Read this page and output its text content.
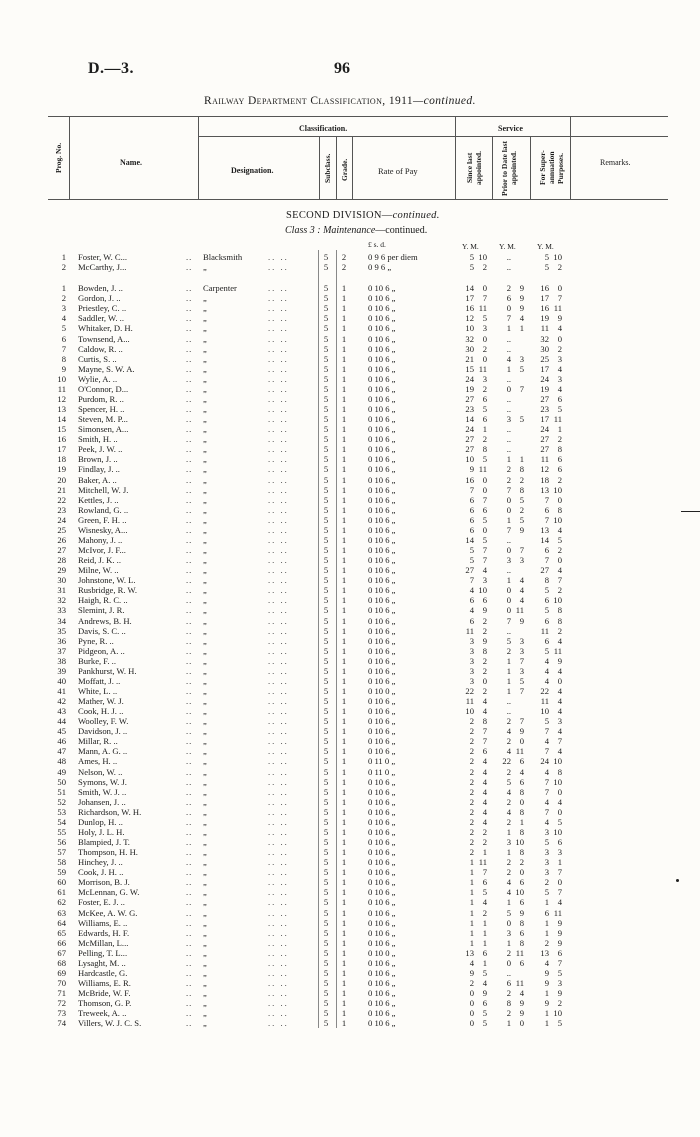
D.—3.	96
Railway Department Classification, 1911—continued.
Prog. No.	Name.
Classification.
Designation.	Subclass. Grade.	Rate of Pay
Service
Since last appointed. Prior to Date last appointed.	For Super-annuation Purposes.	Remarks.
SECOND DIVISION—continued.
Class 3 : Maintenance—continued.
£ s. d.	Y. M.	Y. M.	Y. M.
1 Foster, W. C...	.. Blacksmith	.. ..	5	2	0 9 6 per diem	5 10	..	5 10
2 McCarthy, J...	.. „	.. ..	5	2	0 9 6 „	5	2	..	5	2
1 Bowden, J. ..	.. Carpenter	.. ..	5	1	0 10 6 „	14	0	2	9	16	0
2 Gordon, J. ..	.. „	.. ..	5	1	0 10 6 „	17	7	6	9	17	7
3 Priestley, C. ..	.. „	.. ..	5	1	0 10 6 „	16 11	0	9	16 11
4 Saddler, W. ..	.. „	.. ..	5	1	0 10 6 „	12	5	7	4	19	9
5 Whitaker, D. H.	.. „	.. ..	5	1	0 10 6 „	10	3	1	1	11	4
6 Townsend, A...	.. „	.. ..	5	1	0 10 6 „	32	0	..	32	0
7 Caldow, R. ..	.. „	.. ..	5	1	0 10 6 „	30	2	..	30	2
8 Curtis, S. ..	.. „	.. ..	5	1	0 10 6 „	21	0	4	3	25	3
9 Mayne, S. W. A.	.. „	.. ..	5	1	0 10 6 „	15 11	1	5	17	4
10 Wylie, A. ..	.. „	.. ..	5	1	0 10 6 „	24	3	..	24	3
11 O'Connor, D...	.. „	.. ..	5	1	0 10 6 „	19	2	0	7	19	4
12 Purdom, R. ..	.. „	.. ..	5	1	0 10 6 „	27	6	..	27	6
13 Spencer, H. ..	.. „	.. ..	5	1	0 10 6 „	23	5	..	23	5
14 Steven, M. P...	.. „	.. ..	5	1	0 10 6 „	14	6	3	5	17 11
15 Simonsen, A...	.. „	.. ..	5	1	0 10 6 „	24	1	..	24	1
16 Smith, H. ..	.. „	.. ..	5	1	0 10 6 „	27	2	..	27	2
17 Peek, J. W. ..	.. „	.. ..	5	1	0 10 6 „	27	8	..	27	8
18 Brown, J. ..	.. „	.. ..	5	1	0 10 6 „	10	5	1	1	11	6
19 Findlay, J. ..	.. „	.. ..	5	1	0 10 6 „	9 11	2	8	12	6
20 Baker, A. ..	.. „	.. ..	5	1	0 10 6 „	16	0	2	2	18	2
21 Mitchell, W. J.	.. „	.. ..	5	1	0 10 6 „	7	0	7	8	13 10
22 Kettles, J. ..	.. „	.. ..	5	1	0 10 6 „	6	7	0	5	7	0
23 Rowland, G. ..	.. „	.. ..	5	1	0 10 6 „	6	6	0	2	6	8
24 Green, F. H. ..	.. „	.. ..	5	1	0 10 6 „	6	5	1	5	7 10
25 Wisnesky, A...	.. „	.. ..	5	1	0 10 6 „	6	0	7	9	13	4
26 Mahony, J. ..	.. „	.. ..	5	1	0 10 6 „	14	5	..	14	5
27 McIvor, J. F...	.. „	.. ..	5	1	0 10 6 „	5	7	0	7	6	2
28 Reid, J. K. ..	.. „	.. ..	5	1	0 10 6 „	5	7	3	3	7	0
29 Milne, W. ..	.. „	.. ..	5	1	0 10 6 „	27	4	..	27	4
30 Johnstone, W. L.	.. „	.. ..	5	1	0 10 6 „	7	3	1	4	8	7
31 Rusbridge, R. W.	.. „	.. ..	5	1	0 10 6 „	4 10	0	4	5	2
32 Haigh, R. C. ..	.. „	.. ..	5	1	0 10 6 „	6	6	0	4	6 10
33 Slemint, J. R.	.. „	.. ..	5	1	0 10 6 „	4	9	0 11	5	8
34 Andrews, B. H.	.. „	.. ..	5	1	0 10 6 „	6	2	7	9	6	8
35 Davis, S. C. ..	.. „	.. ..	5	1	0 10 6 „	11	2	..	11	2
36 Pyne, R. ..	.. „	.. ..	5	1	0 10 6 „	3	9	5	3	6	4
37 Pidgeon, A. ..	.. „	.. ..	5	1	0 10 6 „	3	8	2	3	5 11
38 Burke, F. ..	.. „	.. ..	5	1	0 10 6 „	3	2	1	7	4	9
39 Pankhurst, W. H.	.. „	.. ..	5	1	0 10 6 „	3	2	1	3	4	4
40 Moffatt, J. ..	.. „	.. ..	5	1	0 10 6 „	3	0	1	5	4	0
41 White, L. ..	.. „	.. ..	5	1	0 10 0 „	22	2	1	7	22	4
42 Mather, W. J.	.. „	.. ..	5	1	0 10 6 „	11	4	..	11	4
43 Cook, H. J. ..	.. „	.. ..	5	1	0 10 6 „	10	4	..	10	4
44 Woolley, F. W.	.. „	.. ..	5	1	0 10 6 „	2	8	2	7	5	3
45 Davidson, J. ..	.. „	.. ..	5	1	0 10 6 „	2	7	4	9	7	4
46 Millar, R. ..	.. „	.. ..	5	1	0 10 6 „	2	7	2	0	4	7
47 Mann, A. G. ..	.. „	.. ..	5	1	0 10 6 „	2	6	4 11	7	4
48 Ames, H. ..	.. „	.. ..	5	1	0 11 0 „	2	4	22	6	24 10
49 Nelson, W. ..	.. „	.. ..	5	1	0 11 0 „	2	4	2	4	4	8
50 Symons, W. J.	.. „	.. ..	5	1	0 10 6 „	2	4	5	6	7 10
51 Smith, W. J. ..	.. „	.. ..	5	1	0 10 6 „	2	4	4	8	7	0
52 Johansen, J. ..	.. „	.. ..	5	1	0 10 6 „	2	4	2	0	4	4
53 Richardson, W. H.	.. „	.. ..	5	1	0 10 6 „	2	4	4	8	7	0
54 Dunlop, H. ..	.. „	.. ..	5	1	0 10 6 „	2	4	2	1	4	5
55 Holy, J. L. H.	.. „	.. ..	5	1	0 10 6 „	2	2	1	8	3 10
56 Blampied, J. T.	.. „	.. ..	5	1	0 10 6 „	2	2	3 10	5	6
57 Thompson, H. H.	.. „	.. ..	5	1	0 10 6 „	2	1	1	8	3	3
58 Hinchey, J. ..	.. „	.. ..	5	1	0 10 6 „	1 11	2	2	3	1
59 Cook, J. H. ..	.. „	.. ..	5	1	0 10 6 „	1	7	2	0	3	7
60 Morrison, B. J.	.. „	.. ..	5	1	0 10 6 „	1	6	4	6	2	0
61 McLennan, G. W.	.. „	.. ..	5	1	0 10 6 „	1	5	4 10	5	7
62 Foster, E. J. ..	.. „	.. ..	5	1	0 10 6 „	1	4	1	6	1	4
63 McKee, A. W. G.	.. „	.. ..	5	1	0 10 6 „	1	2	5	9	6 11
64 Williams, E. ..	.. „	.. ..	5	1	0 10 6 „	1	1	0	8	1	9
65 Edwards, H. F.	.. „	.. ..	5	1	0 10 6 „	1	1	3	6	1	9
66 McMillan, L...	.. „	.. ..	5	1	0 10 6 „	1	1	1	8	2	9
67 Pelling, T. L...	.. „	.. ..	5	1	0 10 0 „	13	6	2 11	13	6
68 Lysaght, M. ..	.. „	.. ..	5	1	0 10 6 „	4	1	0	6	4	7
69 Hardcastle, G.	.. „	.. ..	5	1	0 10 6 „	9	5	..	9	5
70 Williams, E. R.	.. „	.. ..	5	1	0 10 6 „	2	4	6 11	9	3
71 McBride, W. F.	.. „	.. ..	5	1	0 10 6 „	0	9	2	4	1	9
72 Thomson, G. P.	.. „	.. ..	5	1	0 10 6 „	0	6	8	9	9	2
73 Treweek, A. ..	.. „	.. ..	5	1	0 10 6 „	0	5	2	9	1 10
74 Villers, W. J. C. S.	.. „	.. ..	5	1	0 10 6 „	0	5	1	0	1	5
